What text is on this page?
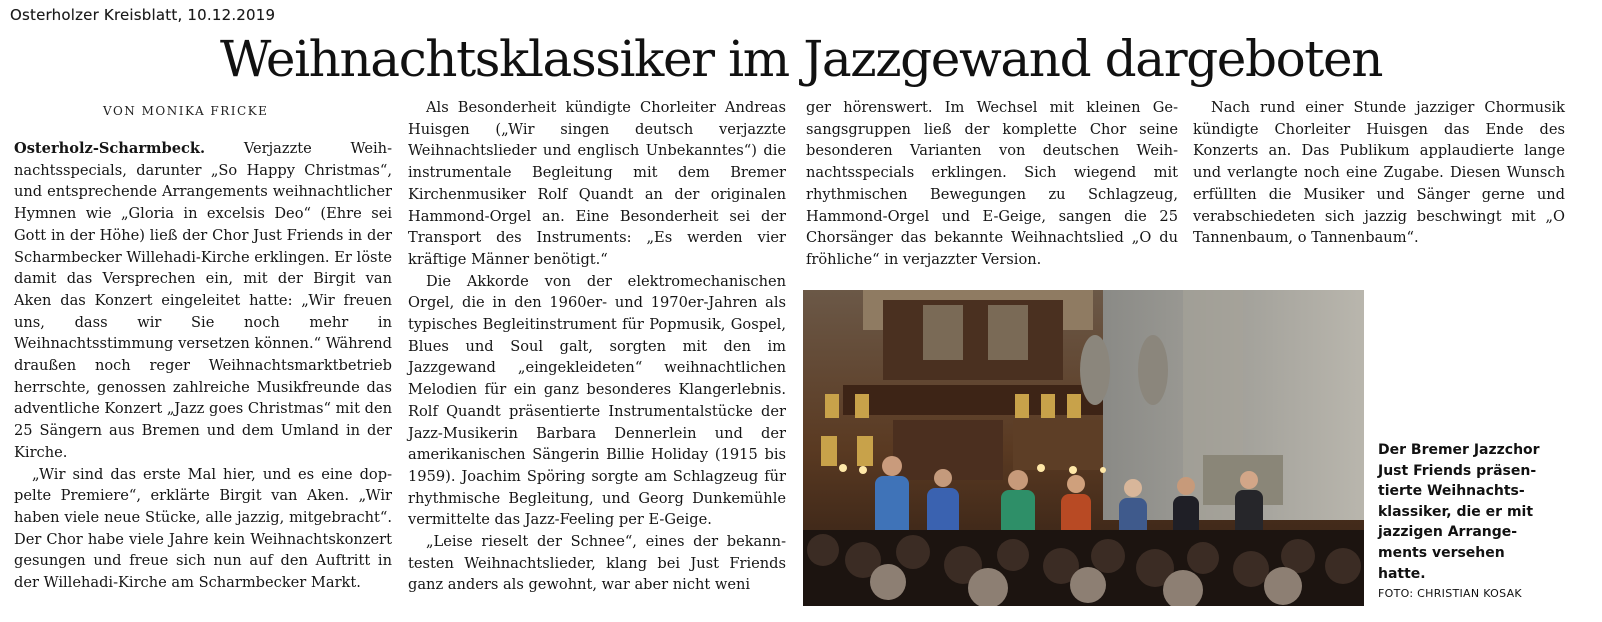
Osterholzer Kreisblatt, 10.12.2019
Weihnachtsklassiker im Jazzgewand dargeboten
VON MONIKA FRICKE

Osterholz-Scharmbeck. Verjazzte Weihnachtsspecials, darunter „So Happy Christmas“, und entsprechende Arrangements weihnachtlicher Hymnen wie „Gloria in excelsis Deo“ (Ehre sei Gott in der Höhe) ließ der Chor Just Friends in der Scharmbecker Willehadi-Kirche erklingen. Er löste damit das Versprechen ein, mit der Birgit van Aken das Konzert eingeleitet hatte: „Wir freuen uns, dass wir Sie noch mehr in Weihnachtsstimmung versetzen können.“ Während draußen noch reger Weihnachtsmarktbetrieb herrschte, genossen zahlreiche Musikfreunde das adventliche Konzert „Jazz goes Christmas“ mit den 25 Sängern aus Bremen und dem Umland in der Kirche.

„Wir sind das erste Mal hier, und es eine doppelte Premiere“, erklärte Birgit van Aken. „Wir haben viele neue Stücke, alle jazzig, mitgebracht“. Der Chor habe viele Jahre kein Weihnachtskonzert gesungen und freue sich nun auf den Auftritt in der Willehadi-Kirche am Scharmbecker Markt.

Als Besonderheit kündigte Chorleiter Andreas Huisgen („Wir singen deutsch verjazzte Weihnachtslieder und englisch Unbekanntes“) die instrumentale Begleitung mit dem Bremer Kirchenmusiker Rolf Quandt an der originalen Hammond-Orgel an. Eine Besonderheit sei der Transport des Instruments: „Es werden vier kräftige Männer benötigt.“

Die Akkorde von der elektromechanischen Orgel, die in den 1960er- und 1970er-Jahren als typisches Begleitinstrument für Popmusik, Gospel, Blues und Soul galt, sorgten mit den im Jazzgewand „eingekleideten“ weihnachtlichen Melodien für ein ganz besonderes Klangerlebnis. Rolf Quandt präsentierte Instrumentalstücke der Jazz-Musikerin Barbara Dennerlein und der amerikanischen Sängerin Billie Holiday (1915 bis 1959). Joachim Spöring sorgte am Schlagzeug für rhythmische Begleitung, und Georg Dunkemühle vermittelte das Jazz-Feeling per E-Geige.

„Leise rieselt der Schnee“, eines der bekanntesten Weihnachtslieder, klang bei Just Friends ganz anders als gewohnt, war aber nicht weni

ger hörenswert. Im Wechsel mit kleinen Gesangsgruppen ließ der komplette Chor seine besonderen Varianten von deutschen Weihnachtsspecials erklingen. Sich wiegend mit rhythmischen Bewegungen zu Schlagzeug, Hammond-Orgel und E-Geige, sangen die 25 Chorsänger das bekannte Weihnachtslied „O du fröhliche“ in verjazzter Version.

Nach rund einer Stunde jazziger Chormusik kündigte Chorleiter Huisgen das Ende des Konzerts an. Das Publikum applaudierte lange und verlangte noch eine Zugabe. Diesen Wunsch erfüllten die Musiker und Sänger gerne und verabschiedeten sich jazzig beschwingt mit „O Tannenbaum, o Tannenbaum“.

Der Bremer Jazzchor Just Friends präsentierte Weihnachtsklassiker, die er mit jazzigen Arrangements versehen hatte.
FOTO: CHRISTIAN KOSAK
